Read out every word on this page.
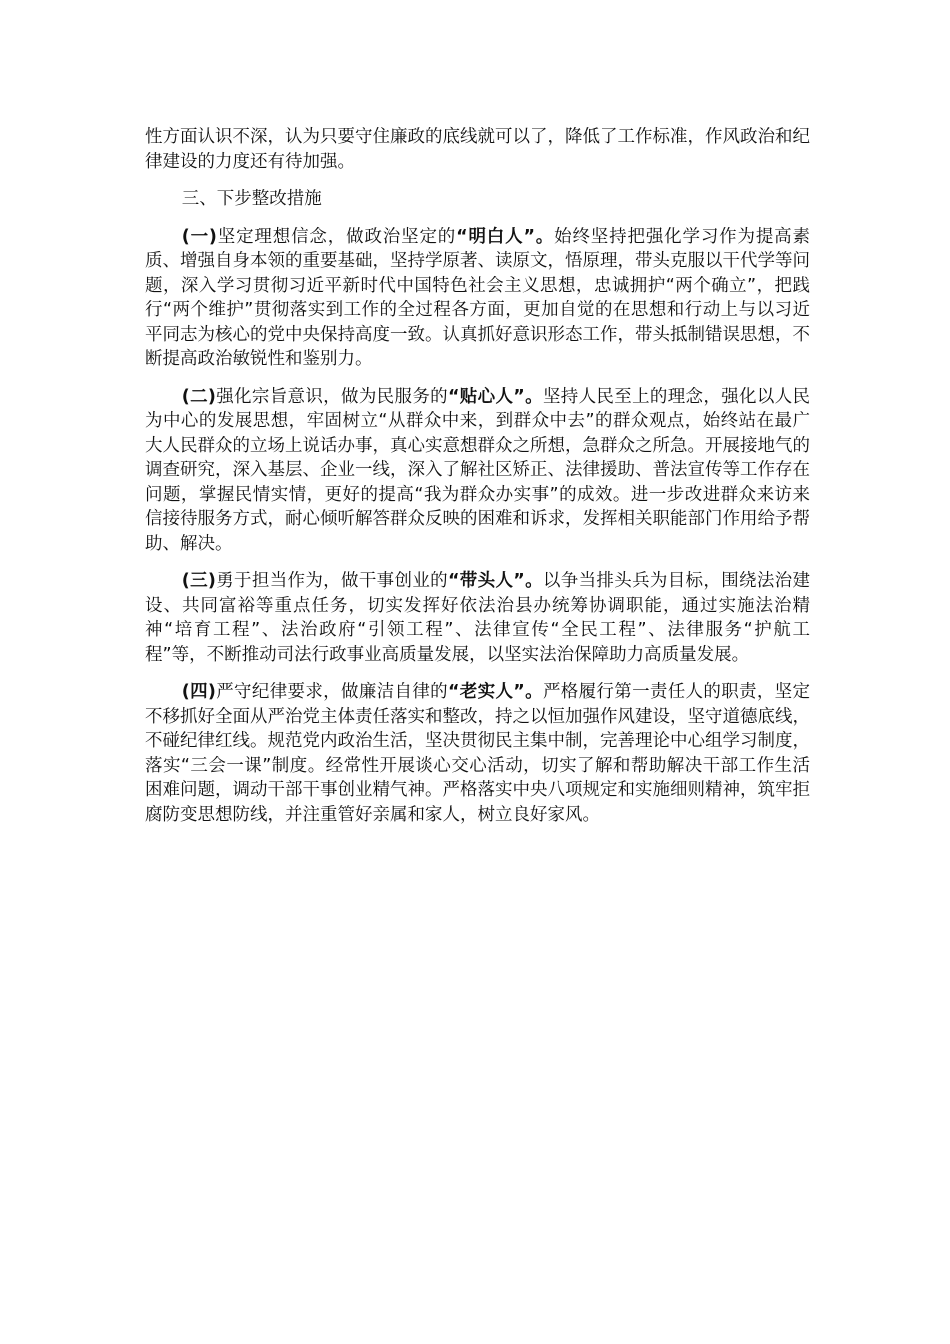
性方面认识不深，认为只要守住廉政的底线就可以了，降低了工作标准，作风政治和纪律建设的力度还有待加强。

三、下步整改措施

(一)坚定理想信念，做政治坚定的“明白人”。始终坚持把强化学习作为提高素质、增强自身本领的重要基础，坚持学原著、读原文，悟原理，带头克服以干代学等问题，深入学习贯彻习近平新时代中国特色社会主义思想，忠诚拥护“两个确立”，把践行“两个维护”贯彻落实到工作的全过程各方面，更加自觉的在思想和行动上与以习近平同志为核心的党中央保持高度一致。认真抓好意识形态工作，带头抵制错误思想，不断提高政治敏锐性和鉴别力。

(二)强化宗旨意识，做为民服务的“贴心人”。坚持人民至上的理念，强化以人民为中心的发展思想，牢固树立“从群众中来，到群众中去”的群众观点，始终站在最广大人民群众的立场上说话办事，真心实意想群众之所想，急群众之所急。开展接地气的调查研究，深入基层、企业一线，深入了解社区矫正、法律援助、普法宣传等工作存在问题，掌握民情实情，更好的提高“我为群众办实事”的成效。进一步改进群众来访来信接待服务方式，耐心倾听解答群众反映的困难和诉求，发挥相关职能部门作用给予帮助、解决。

(三)勇于担当作为，做干事创业的“带头人”。以争当排头兵为目标，围绕法治建设、共同富裕等重点任务，切实发挥好依法治县办统筹协调职能，通过实施法治精神“培育工程”、法治政府“引领工程”、法律宣传“全民工程”、法律服务“护航工程”等，不断推动司法行政事业高质量发展，以坚实法治保障助力高质量发展。

(四)严守纪律要求，做廉洁自律的“老实人”。严格履行第一责任人的职责，坚定不移抓好全面从严治党主体责任落实和整改，持之以恒加强作风建设，坚守道德底线，不碰纪律红线。规范党内政治生活，坚决贯彻民主集中制，完善理论中心组学习制度，落实“三会一课”制度。经常性开展谈心交心活动，切实了解和帮助解决干部工作生活困难问题，调动干部干事创业精气神。严格落实中央八项规定和实施细则精神，筑牢拒腐防变思想防线，并注重管好亲属和家人，树立良好家风。
